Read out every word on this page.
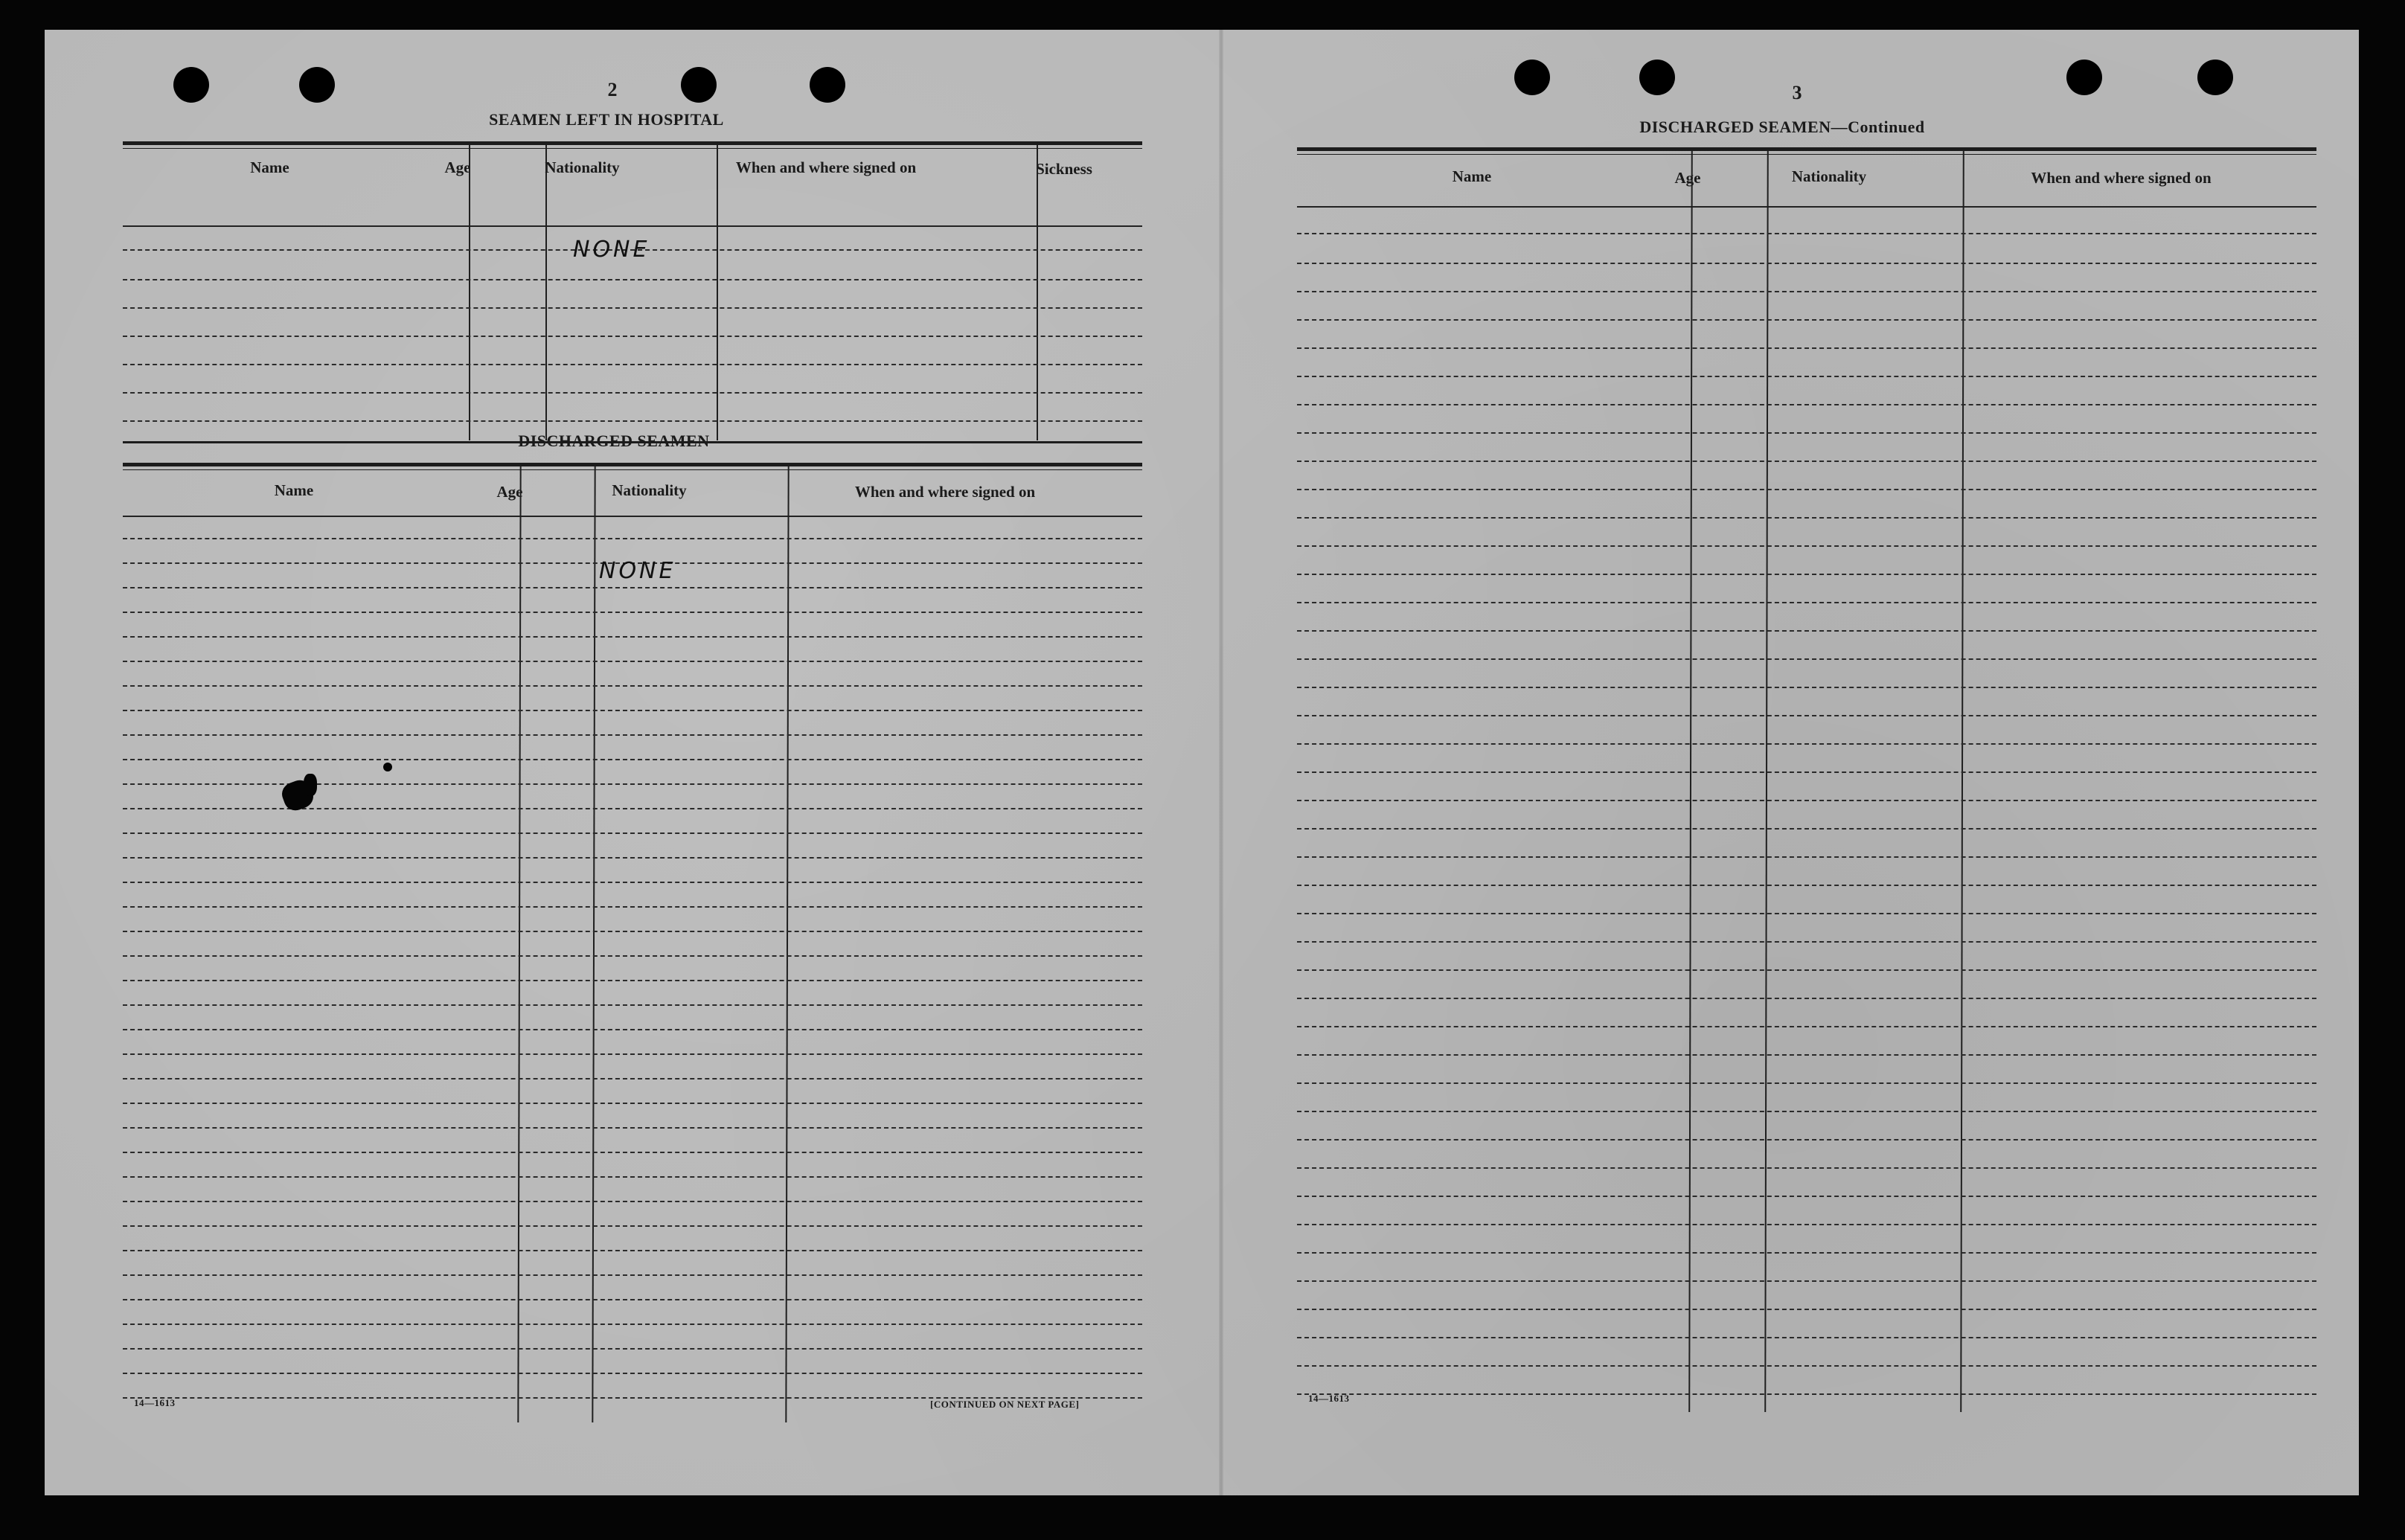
2
SEAMEN LEFT IN HOSPITAL
Name	Age	Nationality	When and where signed on	Sickness
NONE
DISCHARGED SEAMEN
Name	Age	Nationality	When and where signed on
NONE
14—1613	[CONTINUED ON NEXT PAGE]
3
DISCHARGED SEAMEN—Continued
Name	Age	Nationality	When and where signed on
14—1613
